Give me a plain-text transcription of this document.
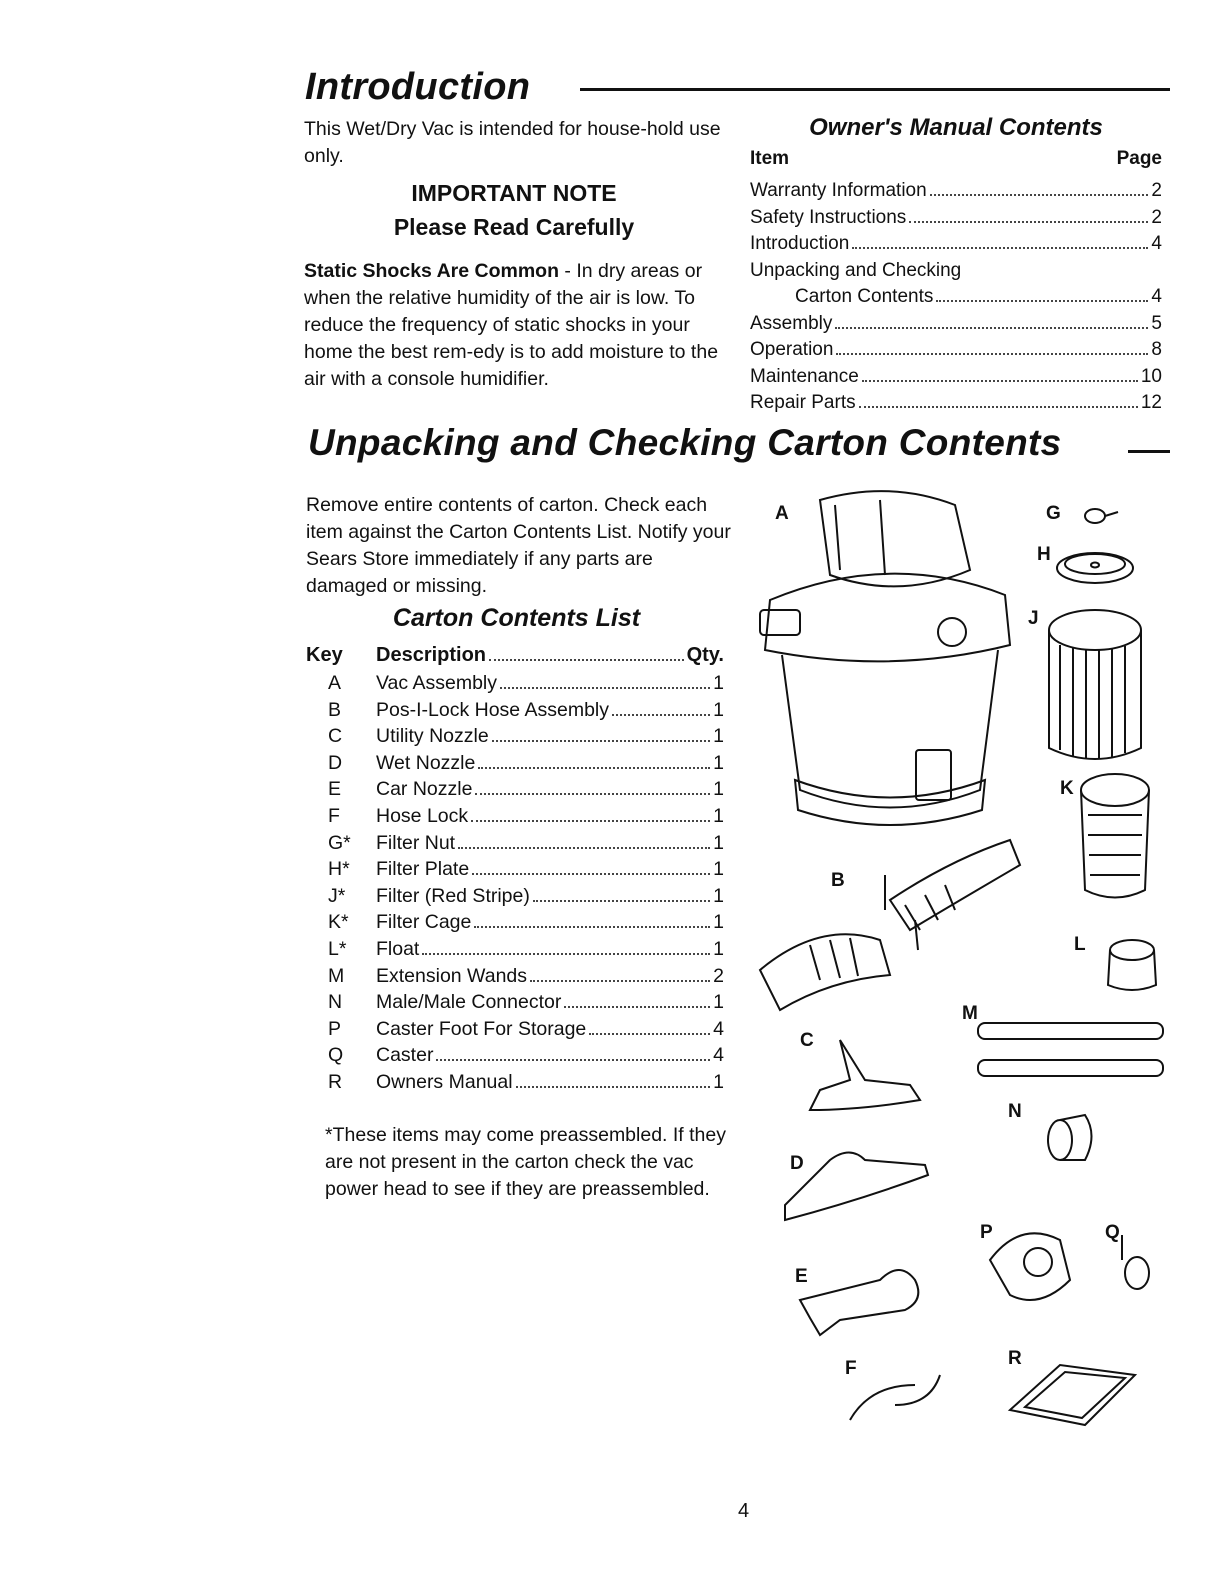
Introduction
This Wet/Dry Vac is intended for house-hold use only.
IMPORTANT NOTE
Please Read Carefully
Static Shocks Are Common - In dry areas or when the relative humidity of the air is low. To reduce the frequency of static shocks in your home the best rem-edy is to add moisture to the air with a console humidifier.
Owner's Manual Contents
Item	Page
Warranty Information	2
Safety Instructions	2
Introduction	4
Unpacking and Checking
Carton Contents	4
Assembly	5
Operation	8
Maintenance	10
Repair Parts	12
Unpacking and Checking Carton Contents
Remove entire contents of carton. Check each item against the Carton Contents List. Notify your Sears Store immediately if any parts are damaged or missing.
Carton Contents List
Key	Description	Qty.
A	Vac Assembly	1
B	Pos-I-Lock Hose Assembly	1
C	Utility Nozzle	1
D	Wet Nozzle	1
E	Car Nozzle	1
F	Hose Lock	1
G*	Filter Nut	1
H*	Filter Plate	1
J*	Filter (Red Stripe)	1
K*	Filter Cage	1
L*	Float	1
M	Extension Wands	2
N	Male/Male Connector	1
P	Caster Foot For Storage	4
Q	Caster	4
R	Owners Manual	1
*These items may come preassembled. If they are not present in the carton check the vac power head to see if they are preassembled.
A
B
C
D
E
F
G
H
J
K
L
M
N
P	Q
R
4
